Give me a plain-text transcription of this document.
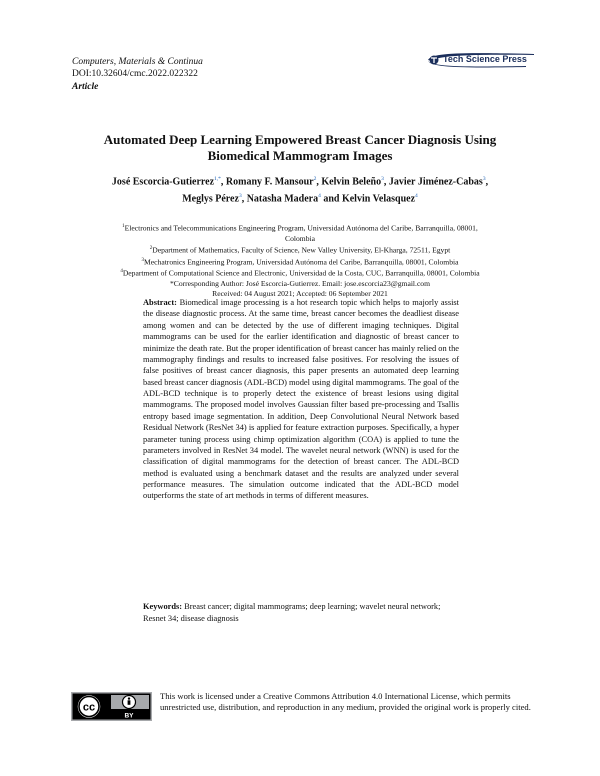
Computers, Materials & Continua
DOI:10.32604/cmc.2022.022322
Article
Tech Science Press
Automated Deep Learning Empowered Breast Cancer Diagnosis Using
Biomedical Mammogram Images
José Escorcia-Gutierrez$^{1,*}$, Romany F. Mansour$^2$, Kelvin Beleño$^3$, Javier Jiménez-Cabas$^3$,
Meglys Pérez$^3$, Natasha Madera$^4$ and Kelvin Velasquez$^4$
$^1$Electronics and Telecommunications Engineering Program, Universidad Autónoma del Caribe, Barranquilla, 08001,
Colombia
$^2$Department of Mathematics, Faculty of Science, New Valley University, El-Kharga, 72511, Egypt
$^3$Mechatronics Engineering Program, Universidad Autónoma del Caribe, Barranquilla, 08001, Colombia
$^4$Department of Computational Science and Electronic, Universidad de la Costa, CUC, Barranquilla, 08001, Colombia
*Corresponding Author: José Escorcia-Gutierrez. Email: jose.escorcia23@gmail.com
Received: 04 August 2021; Accepted: 06 September 2021
Abstract: Biomedical image processing is a hot research topic which helps to majorly assist the disease diagnostic process. At the same time, breast cancer becomes the deadliest disease among women and can be detected by the use of different imaging techniques. Digital mammograms can be used for the earlier identification and diagnostic of breast cancer to minimize the death rate. But the proper identification of breast cancer has mainly relied on the mammography findings and results to increased false positives. For resolving the issues of false positives of breast cancer diagnosis, this paper presents an automated deep learning based breast cancer diagnosis (ADL-BCD) model using digital mammograms. The goal of the ADL-BCD technique is to properly detect the existence of breast lesions using digital mammograms. The proposed model involves Gaussian filter based pre-processing and Tsallis entropy based image segmentation. In addition, Deep Convolutional Neural Network based Residual Network (ResNet 34) is applied for feature extraction purposes. Specifically, a hyper parameter tuning process using chimp optimization algorithm (COA) is applied to tune the parameters involved in ResNet 34 model. The wavelet neural network (WNN) is used for the classification of digital mammograms for the detection of breast cancer. The ADL-BCD method is evaluated using a benchmark dataset and the results are analyzed under several performance measures. The simulation outcome indicated that the ADL-BCD model outperforms the state of art methods in terms of different measures.
Keywords: Breast cancer; digital mammograms; deep learning; wavelet neural network; Resnet 34; disease diagnosis
cc
BY
This work is licensed under a Creative Commons Attribution 4.0 International License, which permits unrestricted use, distribution, and reproduction in any medium, provided the original work is properly cited.
